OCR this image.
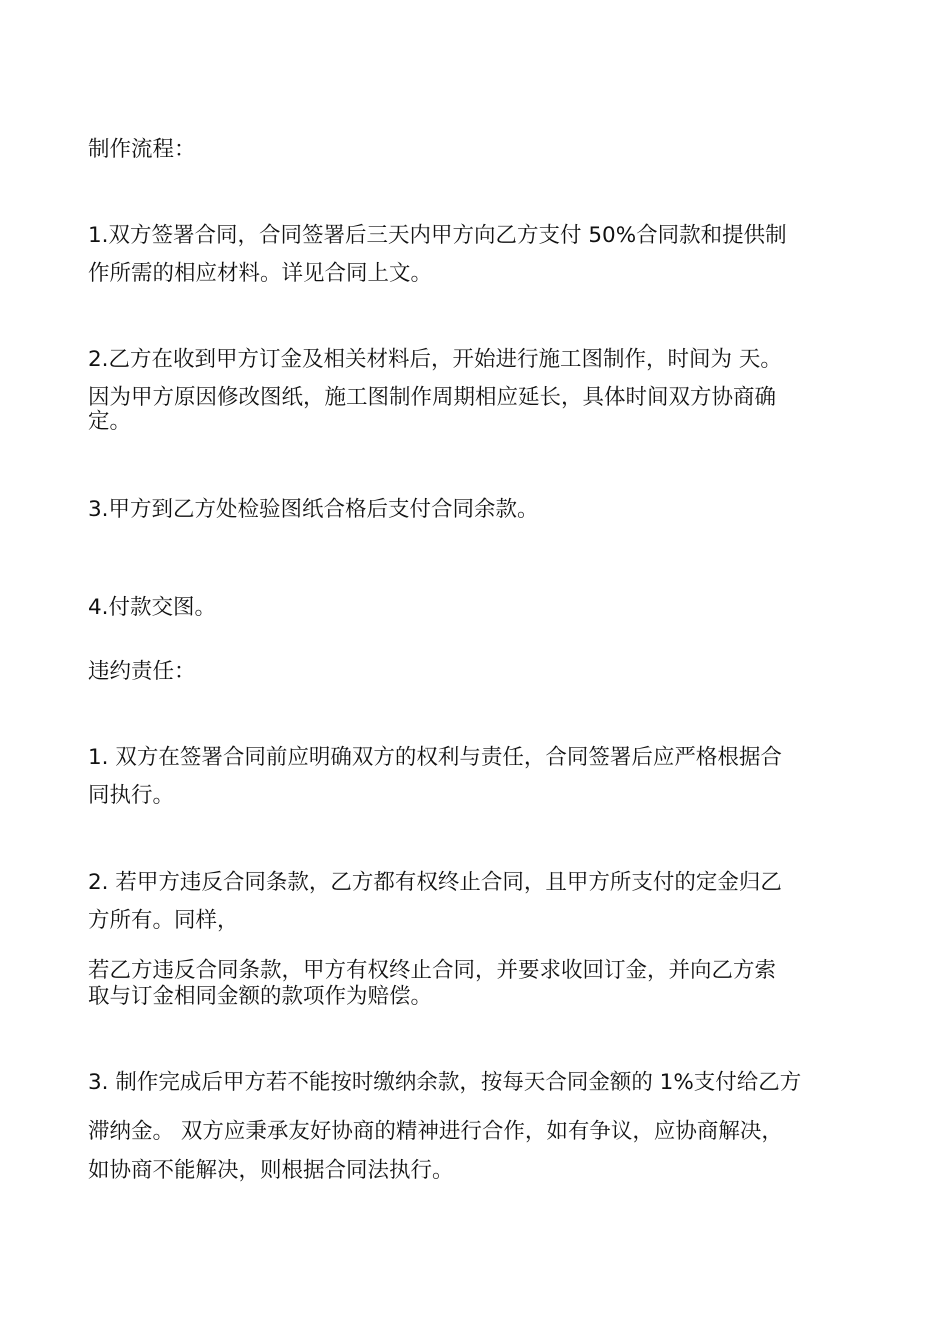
制作流程：
1.双方签署合同，合同签署后三天内甲方向乙方支付 50%合同款和提供制
作所需的相应材料。详见合同上文。
2.乙方在收到甲方订金及相关材料后，开始进行施工图制作，时间为 天。
因为甲方原因修改图纸，施工图制作周期相应延长，具体时间双方协商确
定。
3.甲方到乙方处检验图纸合格后支付合同余款。
4.付款交图。
违约责任：
1. 双方在签署合同前应明确双方的权利与责任，合同签署后应严格根据合
同执行。
2. 若甲方违反合同条款，乙方都有权终止合同，且甲方所支付的定金归乙
方所有。同样，
若乙方违反合同条款，甲方有权终止合同，并要求收回订金，并向乙方索
取与订金相同金额的款项作为赔偿。
3. 制作完成后甲方若不能按时缴纳余款，按每天合同金额的 1%支付给乙方
滞纳金。 双方应秉承友好协商的精神进行合作，如有争议，应协商解决，
如协商不能解决，则根据合同法执行。
